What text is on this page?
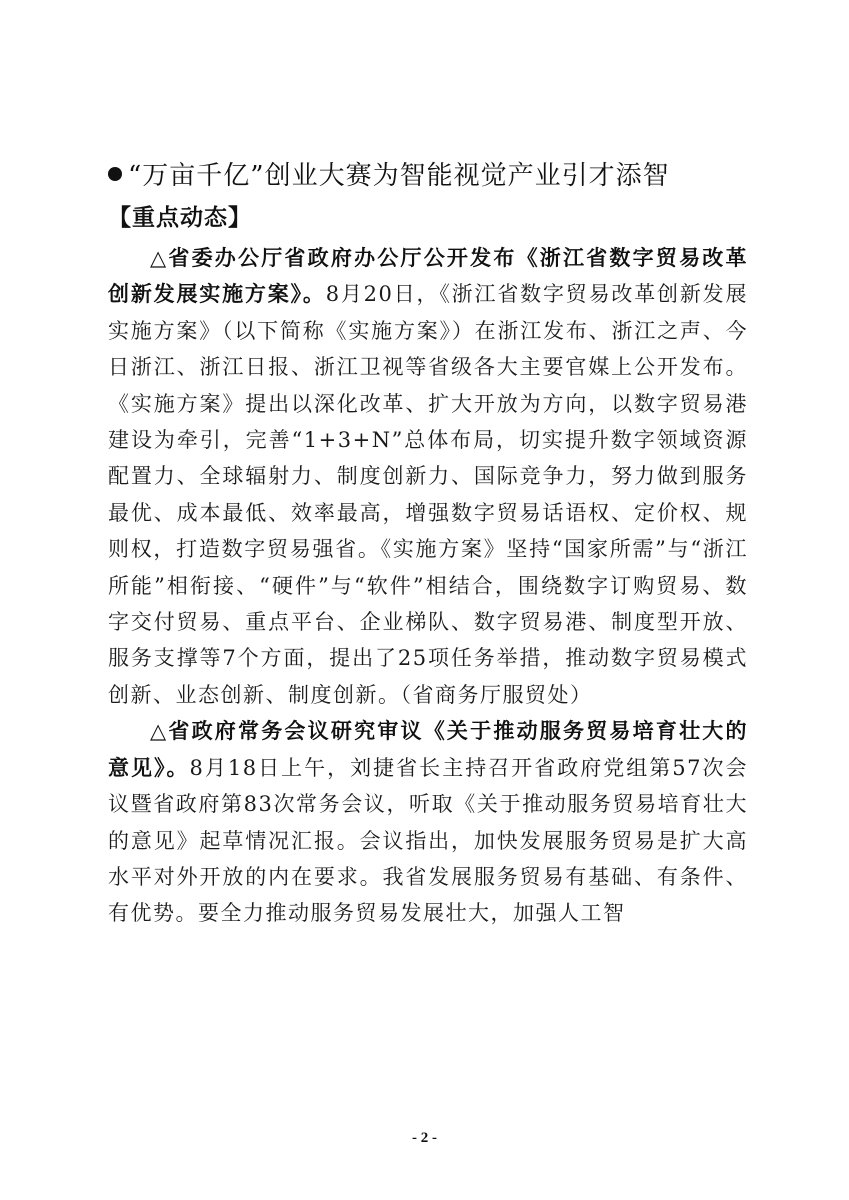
“万亩千亿”创业大赛为智能视觉产业引才添智

【重点动态】

△省委办公厅省政府办公厅公开发布《浙江省数字贸易改革创新发展实施方案》。8月20日，《浙江省数字贸易改革创新发展实施方案》（以下简称《实施方案》）在浙江发布、浙江之声、今日浙江、浙江日报、浙江卫视等省级各大主要官媒上公开发布。《实施方案》提出以深化改革、扩大开放为方向，以数字贸易港建设为牵引，完善“1+3+N”总体布局，切实提升数字领域资源配置力、全球辐射力、制度创新力、国际竞争力，努力做到服务最优、成本最低、效率最高，增强数字贸易话语权、定价权、规则权，打造数字贸易强省。《实施方案》坚持“国家所需”与“浙江所能”相衔接、“硬件”与“软件”相结合，围绕数字订购贸易、数字交付贸易、重点平台、企业梯队、数字贸易港、制度型开放、服务支撑等7个方面，提出了25项任务举措，推动数字贸易模式创新、业态创新、制度创新。（省商务厅服贸处）

△省政府常务会议研究审议《关于推动服务贸易培育壮大的意见》。8月18日上午，刘捷省长主持召开省政府党组第57次会议暨省政府第83次常务会议，听取《关于推动服务贸易培育壮大的意见》起草情况汇报。会议指出，加快发展服务贸易是扩大高水平对外开放的内在要求。我省发展服务贸易有基础、有条件、有优势。要全力推动服务贸易发展壮大，加强人工智

- 2 -
